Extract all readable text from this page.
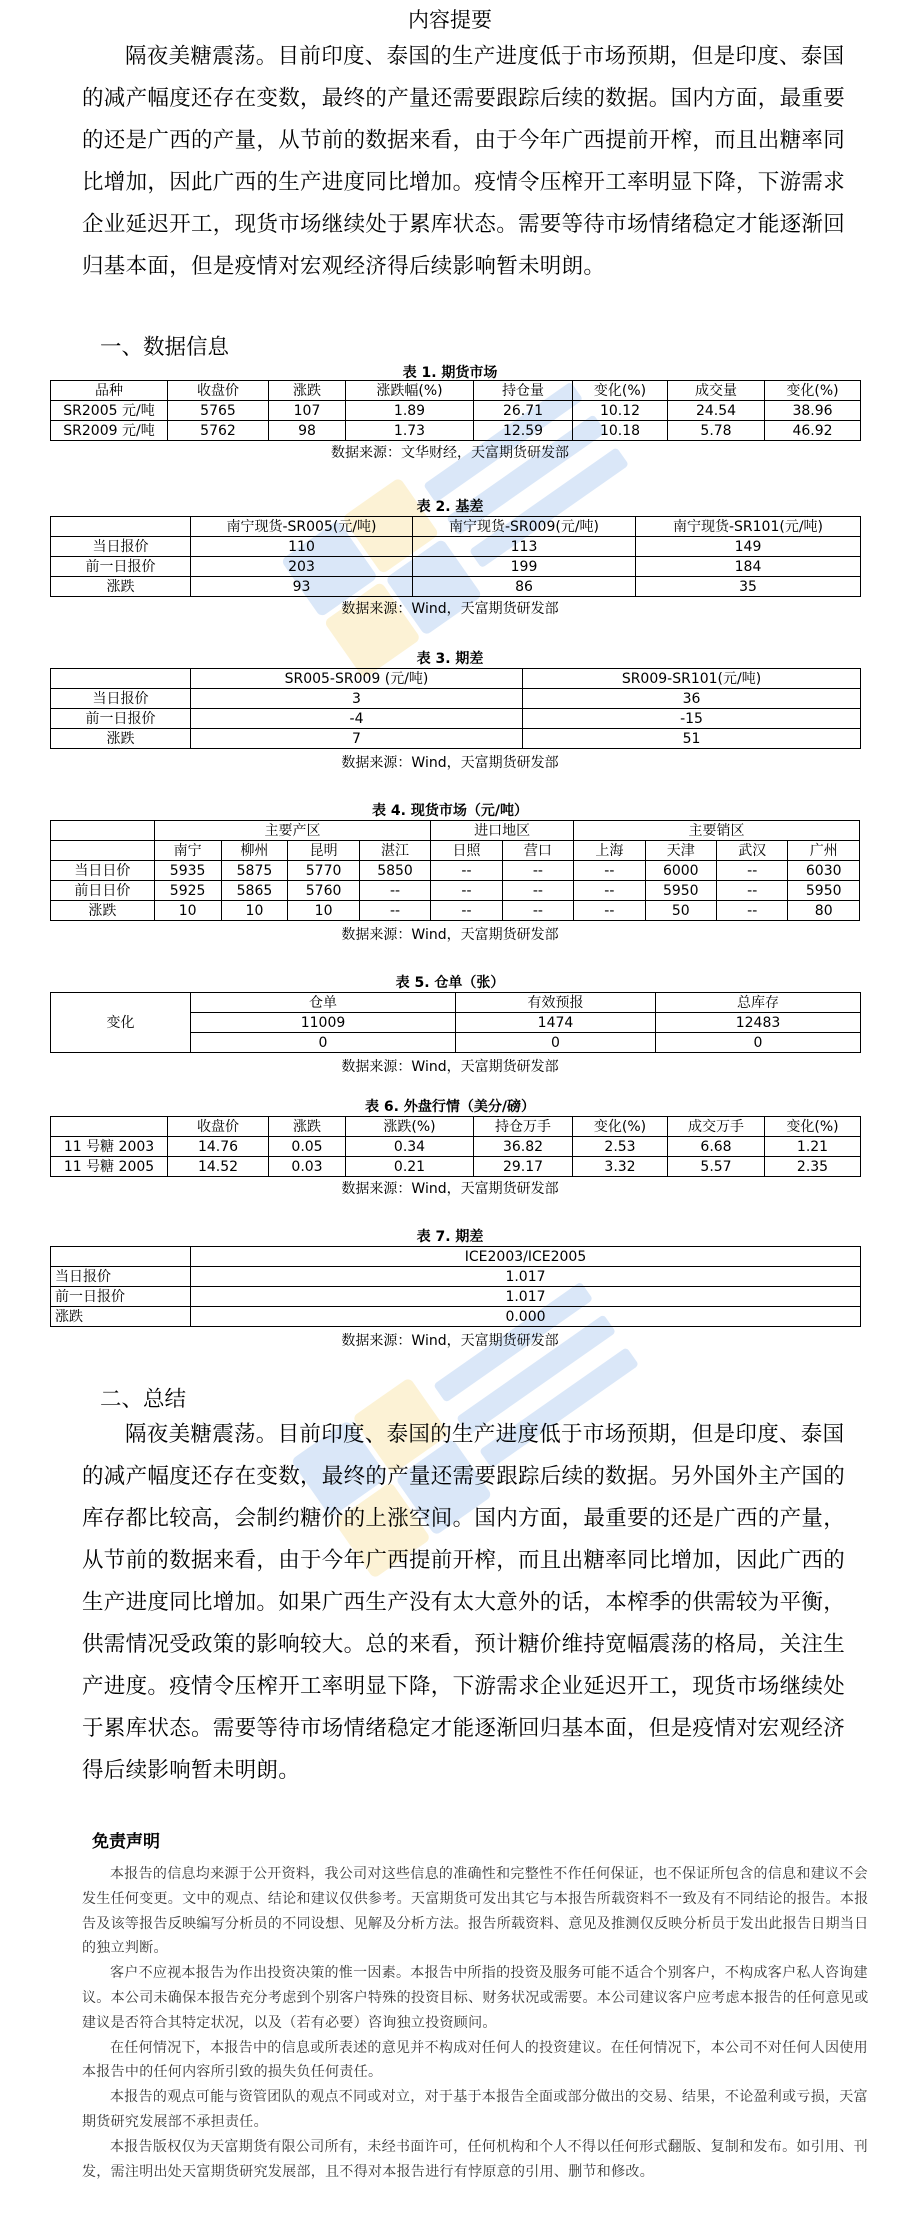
内容提要
隔夜美糖震荡。目前印度、泰国的生产进度低于市场预期，但是印度、泰国的减产幅度还存在变数，最终的产量还需要跟踪后续的数据。国内方面，最重要的还是广西的产量，从节前的数据来看，由于今年广西提前开榨，而且出糖率同比增加，因此广西的生产进度同比增加。疫情令压榨开工率明显下降，下游需求企业延迟开工，现货市场继续处于累库状态。需要等待市场情绪稳定才能逐渐回归基本面，但是疫情对宏观经济得后续影响暂未明朗。
一、数据信息
表 1. 期货市场
品种	收盘价	涨跌	涨跌幅(%)	持仓量	变化(%)	成交量	变化(%)
SR2005 元/吨	5765	107	1.89	26.71	10.12	24.54	38.96
SR2009 元/吨	5762	98	1.73	12.59	10.18	5.78	46.92
数据来源：文华财经，天富期货研发部
表 2. 基差
	南宁现货-SR005(元/吨)	南宁现货-SR009(元/吨)	南宁现货-SR101(元/吨)
当日报价	110	113	149
前一日报价	203	199	184
涨跌	93	86	35
数据来源：Wind，天富期货研发部
表 3. 期差
	SR005-SR009 (元/吨)	SR009-SR101(元/吨)
当日报价	3	36
前一日报价	-4	-15
涨跌	7	51
数据来源：Wind，天富期货研发部
表 4. 现货市场（元/吨）
	主要产区				进口地区		主要销区			
	南宁	柳州	昆明	湛江	日照	营口	上海	天津	武汉	广州
当日日价	5935	5875	5770	5850	--	--	--	6000	--	6030
前日日价	5925	5865	5760	--	--	--	--	5950	--	5950
涨跌	10	10	10	--	--	--	--	50	--	80
数据来源：Wind，天富期货研发部
表 5. 仓单（张）
变化	仓单	有效预报	总库存
	11009	1474	12483
	0	0	0
数据来源：Wind，天富期货研发部
表 6. 外盘行情（美分/磅）
	收盘价	涨跌	涨跌(%)	持仓万手	变化(%)	成交万手	变化(%)
11 号糖 2003	14.76	0.05	0.34	36.82	2.53	6.68	1.21
11 号糖 2005	14.52	0.03	0.21	29.17	3.32	5.57	2.35
数据来源：Wind，天富期货研发部
表 7. 期差
	ICE2003/ICE2005
当日报价	1.017
前一日报价	1.017
涨跌	0.000
数据来源：Wind，天富期货研发部
二、总结
隔夜美糖震荡。目前印度、泰国的生产进度低于市场预期，但是印度、泰国的减产幅度还存在变数，最终的产量还需要跟踪后续的数据。另外国外主产国的库存都比较高，会制约糖价的上涨空间。国内方面，最重要的还是广西的产量，从节前的数据来看，由于今年广西提前开榨，而且出糖率同比增加，因此广西的生产进度同比增加。如果广西生产没有太大意外的话，本榨季的供需较为平衡，供需情况受政策的影响较大。总的来看，预计糖价维持宽幅震荡的格局，关注生产进度。疫情令压榨开工率明显下降，下游需求企业延迟开工，现货市场继续处于累库状态。需要等待市场情绪稳定才能逐渐回归基本面，但是疫情对宏观经济得后续影响暂未明朗。
免责声明

本报告的信息均来源于公开资料，我公司对这些信息的准确性和完整性不作任何保证，也不保证所包含的信息和建议不会发生任何变更。文中的观点、结论和建议仅供参考。天富期货可发出其它与本报告所载资料不一致及有不同结论的报告。本报告及该等报告反映编写分析员的不同设想、见解及分析方法。报告所载资料、意见及推测仅反映分析员于发出此报告日期当日的独立判断。

客户不应视本报告为作出投资决策的惟一因素。本报告中所指的投资及服务可能不适合个别客户，不构成客户私人咨询建议。本公司未确保本报告充分考虑到个别客户特殊的投资目标、财务状况或需要。本公司建议客户应考虑本报告的任何意见或建议是否符合其特定状况，以及（若有必要）咨询独立投资顾问。

在任何情况下，本报告中的信息或所表述的意见并不构成对任何人的投资建议。在任何情况下，本公司不对任何人因使用本报告中的任何内容所引致的损失负任何责任。

本报告的观点可能与资管团队的观点不同或对立，对于基于本报告全面或部分做出的交易、结果，不论盈利或亏损，天富期货研究发展部不承担责任。

本报告版权仅为天富期货有限公司所有，未经书面许可，任何机构和个人不得以任何形式翻版、复制和发布。如引用、刊发，需注明出处天富期货研究发展部，且不得对本报告进行有悖原意的引用、删节和修改。
